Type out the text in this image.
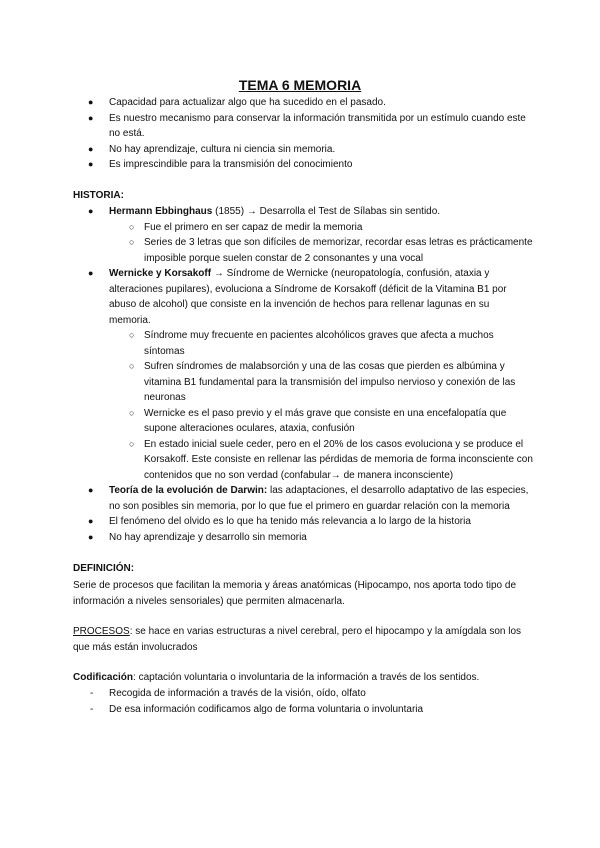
TEMA 6 MEMORIA
● Capacidad para actualizar algo que ha sucedido en el pasado.
● Es nuestro mecanismo para conservar la información transmitida por un estímulo cuando este no está.
● No hay aprendizaje, cultura ni ciencia sin memoria.
● Es imprescindible para la transmisión del conocimiento
HISTORIA:
● Hermann Ebbinghaus (1855) → Desarrolla el Test de Sílabas sin sentido.
○ Fue el primero en ser capaz de medir la memoria
○ Series de 3 letras que son difíciles de memorizar, recordar esas letras es prácticamente imposible porque suelen constar de 2 consonantes y una vocal
● Wernicke y Korsakoff → Síndrome de Wernicke (neuropatología, confusión, ataxia y alteraciones pupilares), evoluciona a Síndrome de Korsakoff (déficit de la Vitamina B1 por abuso de alcohol) que consiste en la invención de hechos para rellenar lagunas en su memoria.
○ Síndrome muy frecuente en pacientes alcohólicos graves que afecta a muchos síntomas
○ Sufren síndromes de malabsorción y una de las cosas que pierden es albúmina y vitamina B1 fundamental para la transmisión del impulso nervioso y conexión de las neuronas
○ Wernicke es el paso previo y el más grave que consiste en una encefalopatía que supone alteraciones oculares, ataxia, confusión
○ En estado inicial suele ceder, pero en el 20% de los casos evoluciona y se produce el Korsakoff. Este consiste en rellenar las pérdidas de memoria de forma inconsciente con contenidos que no son verdad (confabular→ de manera inconsciente)
● Teoría de la evolución de Darwin: las adaptaciones, el desarrollo adaptativo de las especies, no son posibles sin memoria, por lo que fue el primero en guardar relación con la memoria
● El fenómeno del olvido es lo que ha tenido más relevancia a lo largo de la historia
● No hay aprendizaje y desarrollo sin memoria
DEFINICIÓN:
Serie de procesos que facilitan la memoria y áreas anatómicas (Hipocampo, nos aporta todo tipo de información a niveles sensoriales) que permiten almacenarla.
PROCESOS: se hace en varias estructuras a nivel cerebral, pero el hipocampo y la amígdala son los que más están involucrados
Codificación: captación voluntaria o involuntaria de la información a través de los sentidos.
- Recogida de información a través de la visión, oído, olfato
- De esa información codificamos algo de forma voluntaria o involuntaria
